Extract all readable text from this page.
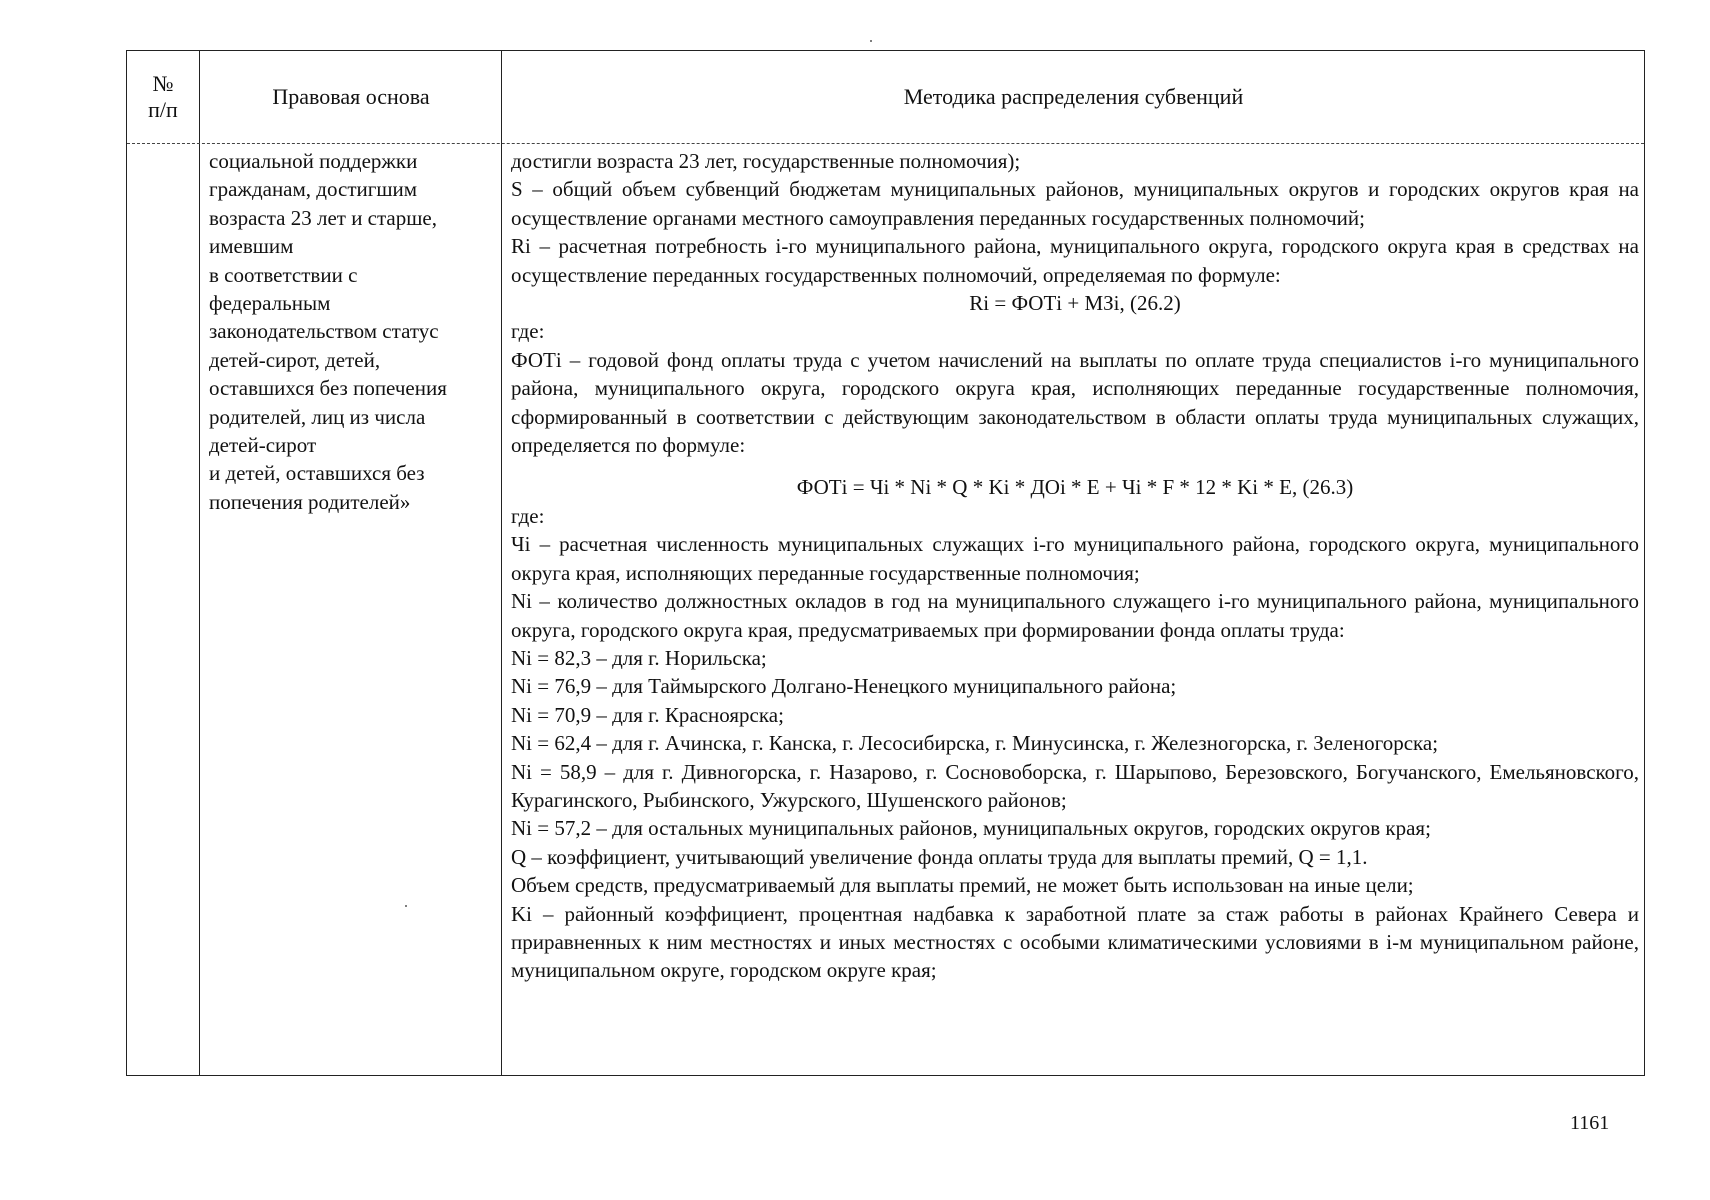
№
п/п
Правовая основа	Методика распределения субвенций
социальной поддержки
гражданам, достигшим
возраста 23 лет и старше,
имевшим
в соответствии с
федеральным
законодательством статус
детей-сирот, детей,
оставшихся без попечения
родителей, лиц из числа
детей-сирот
и детей, оставшихся без
попечения родителей»

достигли возраста 23 лет, государственные полномочия);

S – общий объем субвенций бюджетам муниципальных районов, муниципальных округов и городских округов края на осуществление органами местного самоуправления переданных государственных полномочий;

Ri – расчетная потребность i-го муниципального района, муниципального округа, городского округа края в средствах на осуществление переданных государственных полномочий, определяемая по формуле:

Ri = ФОТi + МЗi, (26.2)

где:

ФОТi – годовой фонд оплаты труда с учетом начислений на выплаты по оплате труда специалистов i-го муниципального района, муниципального округа, городского округа края, исполняющих переданные государственные полномочия, сформированный в соответствии с действующим законодательством в области оплаты труда муниципальных служащих, определяется по формуле:

ФОТi = Чi * Ni * Q * Ki * ДОi * Е + Чi * F * 12 * Ki * Е, (26.3)

где:

Чi – расчетная численность муниципальных служащих i-го муниципального района, городского округа, муниципального округа края, исполняющих переданные государственные полномочия;

Ni – количество должностных окладов в год на муниципального служащего i-го муниципального района, муниципального округа, городского округа края, предусматриваемых при формировании фонда оплаты труда:

Ni = 82,3 – для г. Норильска;

Ni = 76,9 – для Таймырского Долгано-Ненецкого муниципального района;

Ni = 70,9 – для г. Красноярска;

Ni = 62,4 – для г. Ачинска, г. Канска, г. Лесосибирска, г. Минусинска, г. Железногорска, г. Зеленогорска;

Ni = 58,9 – для г. Дивногорска, г. Назарово, г. Сосновоборска, г. Шарыпово, Березовского, Богучанского, Емельяновского, Курагинского, Рыбинского, Ужурского, Шушенского районов;

Ni = 57,2 – для остальных муниципальных районов, муниципальных округов, городских округов края;

Q – коэффициент, учитывающий увеличение фонда оплаты труда для выплаты премий, Q = 1,1.

Объем средств, предусматриваемый для выплаты премий, не может быть использован на иные цели;

Ki – районный коэффициент, процентная надбавка к заработной плате за стаж работы в районах Крайнего Севера и приравненных к ним местностях и иных местностях с особыми климатическими условиями в i-м муниципальном районе, муниципальном округе, городском округе края;

1161
